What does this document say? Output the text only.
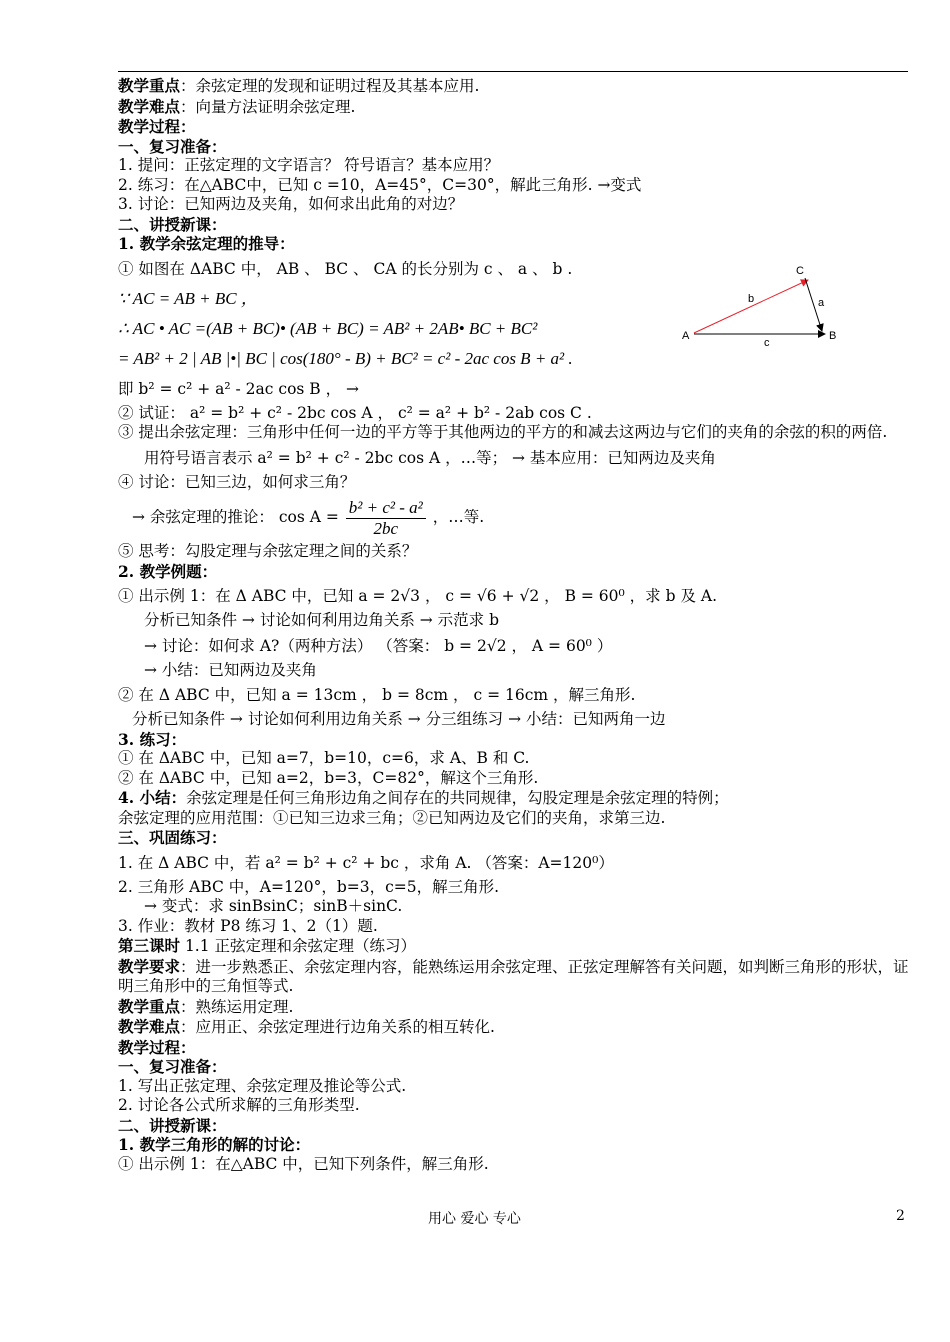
教学重点：余弦定理的发现和证明过程及其基本应用.
教学难点：向量方法证明余弦定理.
教学过程：
一、复习准备：
1. 提问：正弦定理的文字语言？ 符号语言？基本应用？
2. 练习：在△ABC中，已知 c =10，A=45°，C=30°，解此三角形. →变式
3. 讨论：已知两边及夹角，如何求出此角的对边？
二、讲授新课：
1. 教学余弦定理的推导：
① 如图在 ΔABC 中， AB 、 BC 、 CA 的长分别为 c 、 a 、 b .
∵ AC = AB + BC ，
∴ AC • AC =(AB + BC)• (AB + BC) = AB² + 2AB• BC + BC²
= AB² + 2 | AB |•| BC | cos(180° - B) + BC² = c² - 2ac cos B + a² .
即 b² = c² + a² - 2ac cos B ， →
② 试证： a² = b² + c² - 2bc cos A ， c² = a² + b² - 2ab cos C .
③ 提出余弦定理：三角形中任何一边的平方等于其他两边的平方的和减去这两边与它们的夹角的余弦的积的两倍.
用符号语言表示 a² = b² + c² - 2bc cos A ，…等； → 基本应用：已知两边及夹角
④ 讨论：已知三边，如何求三角？
→ 余弦定理的推论： $\cos A = \frac{\text{b² + c² - a²}}{2bc}$ ，…等.
⑤ 思考：勾股定理与余弦定理之间的关系？
2. 教学例题：
① 出示例 1：在 Δ ABC 中，已知 a = 2√3 ， c = √6 + √2 ， B = 60⁰ ，求 b 及 A.
分析已知条件 → 讨论如何利用边角关系 → 示范求 b
→ 讨论：如何求 A?（两种方法） （答案： b = 2√2 ， A = 60⁰ ）
→ 小结：已知两边及夹角
② 在 Δ ABC 中，已知 a = 13cm ， b = 8cm ， c = 16cm ，解三角形.
分析已知条件 → 讨论如何利用边角关系 → 分三组练习 → 小结：已知两角一边
3. 练习：
① 在 ΔABC 中，已知 a=7，b=10，c=6，求 A、B 和 C.
② 在 ΔABC 中，已知 a=2，b=3，C=82°，解这个三角形.
4. 小结：余弦定理是任何三角形边角之间存在的共同规律，勾股定理是余弦定理的特例；
余弦定理的应用范围：①已知三边求三角；②已知两边及它们的夹角，求第三边.
三、巩固练习：
1. 在 Δ ABC 中，若 a² = b² + c² + bc ，求角 A. （答案：A=120⁰）
2. 三角形 ABC 中，A=120°，b=3，c=5，解三角形.
→ 变式：求 sinBsinC；sinB＋sinC.
3. 作业：教材 P8 练习 1、2（1）题.
第三课时 1.1 正弦定理和余弦定理（练习）
教学要求：进一步熟悉正、余弦定理内容，能熟练运用余弦定理、正弦定理解答有关问题，如判断三角形的形状，证明三角形中的三角恒等式.
教学重点：熟练运用定理.
教学难点：应用正、余弦定理进行边角关系的相互转化.
教学过程：
一、复习准备：
1. 写出正弦定理、余弦定理及推论等公式.
2. 讨论各公式所求解的三角形类型.
二、讲授新课：
1. 教学三角形的解的讨论：
① 出示例 1：在△ABC 中，已知下列条件，解三角形.
A	B
C
a
b
c
用心 爱心 专心	2
